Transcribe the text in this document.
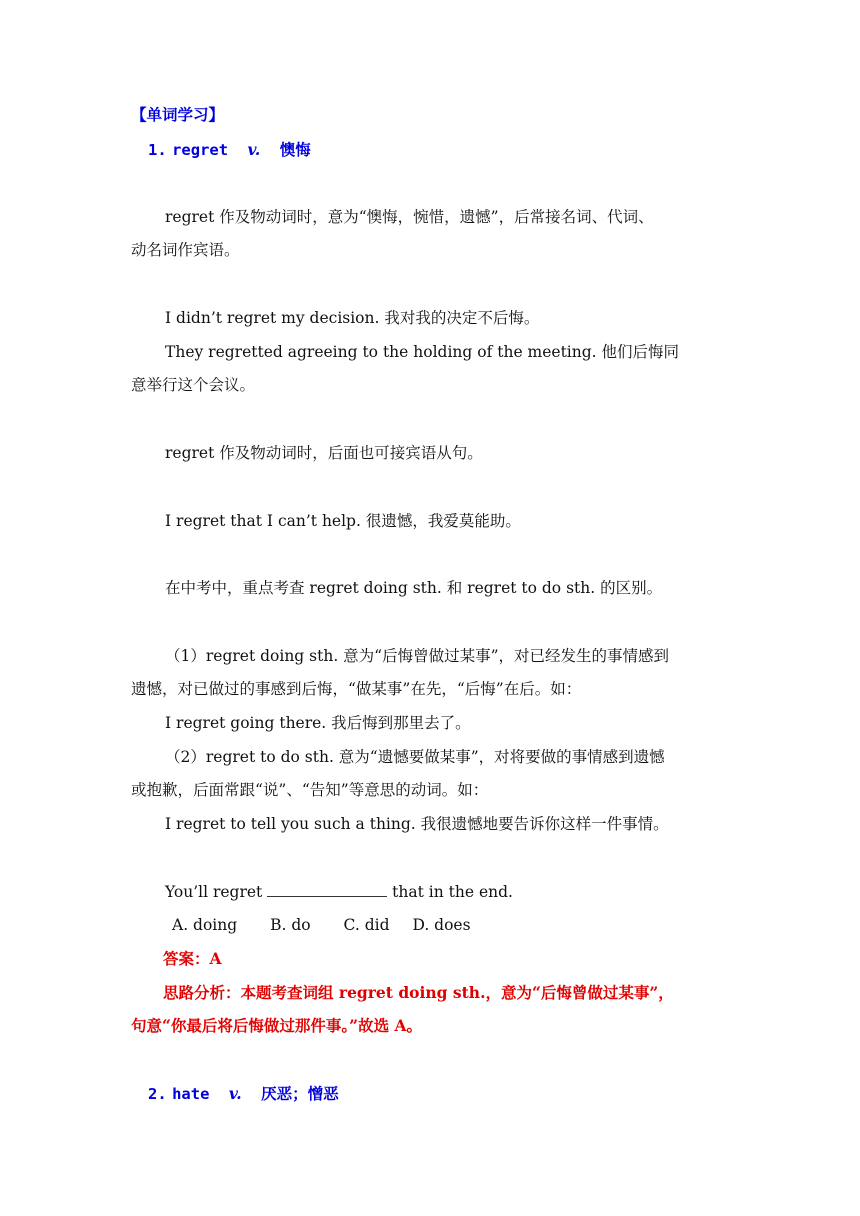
【单词学习】
1. regret v. 懊悔
regret 作及物动词时，意为“懊悔，惋惜，遗憾”，后常接名词、代词、
动名词作宾语。
I didn’t regret my decision. 我对我的决定不后悔。
They regretted agreeing to the holding of the meeting. 他们后悔同
意举行这个会议。
regret 作及物动词时，后面也可接宾语从句。
I regret that I can’t help. 很遗憾，我爱莫能助。
在中考中，重点考查 regret doing sth. 和 regret to do sth. 的区别。
（1）regret doing sth. 意为“后悔曾做过某事”，对已经发生的事情感到
遗憾，对已做过的事感到后悔，“做某事”在先，“后悔”在后。如：
I regret going there. 我后悔到那里去了。
（2）regret to do sth. 意为“遗憾要做某事”，对将要做的事情感到遗憾
或抱歉，后面常跟“说”、“告知”等意思的动词。如：
I regret to tell you such a thing. 我很遗憾地要告诉你这样一件事情。
You’ll regret	that in the end.
A. doing B. do C. did D. does
答案：A
思路分析：本题考查词组 regret doing sth.，意为“后悔曾做过某事”，
句意“你最后将后悔做过那件事。”故选 A。
2. hate v. 厌恶；憎恶
